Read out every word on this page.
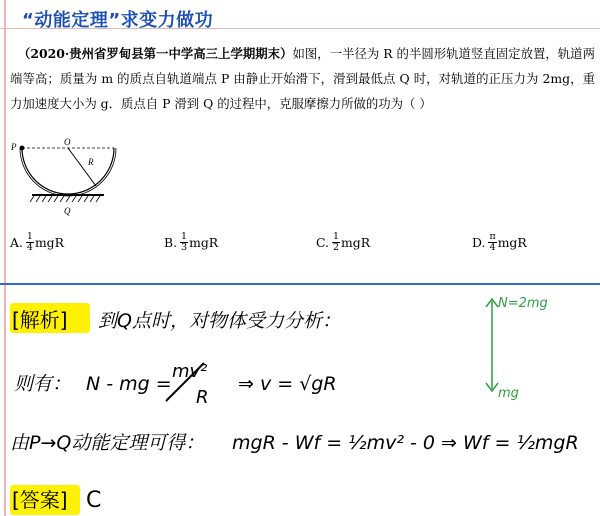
“动能定理”求变力做功
（2020·贵州省罗甸县第一中学高三上学期期末）如图，一半径为 R 的半圆形轨道竖直固定放置，轨道两端等高；质量为 m 的质点自轨道端点 P 由静止开始滑下，滑到最低点 Q 时，对轨道的正压力为 2mg，重力加速度大小为 g．质点自 P 滑到 Q 的过程中，克服摩擦力所做的功为（ ）
P	O
R
Q
A. $\frac{1}{4}$ mgR	B. $\frac{1}{3}$ mgR	C. $\frac{1}{2}$ mgR	D. $\frac{\pi}{4}$ mgR
[解析] 到Q点时，对物体受力分析：
则有： N - mg =
mv²
R
⇒ v = √gR
由P→Q动能定理可得： mgR - Wf = ½mv² - 0 ⇒ Wf = ½mgR
[答案] C
N=2mg
mg
